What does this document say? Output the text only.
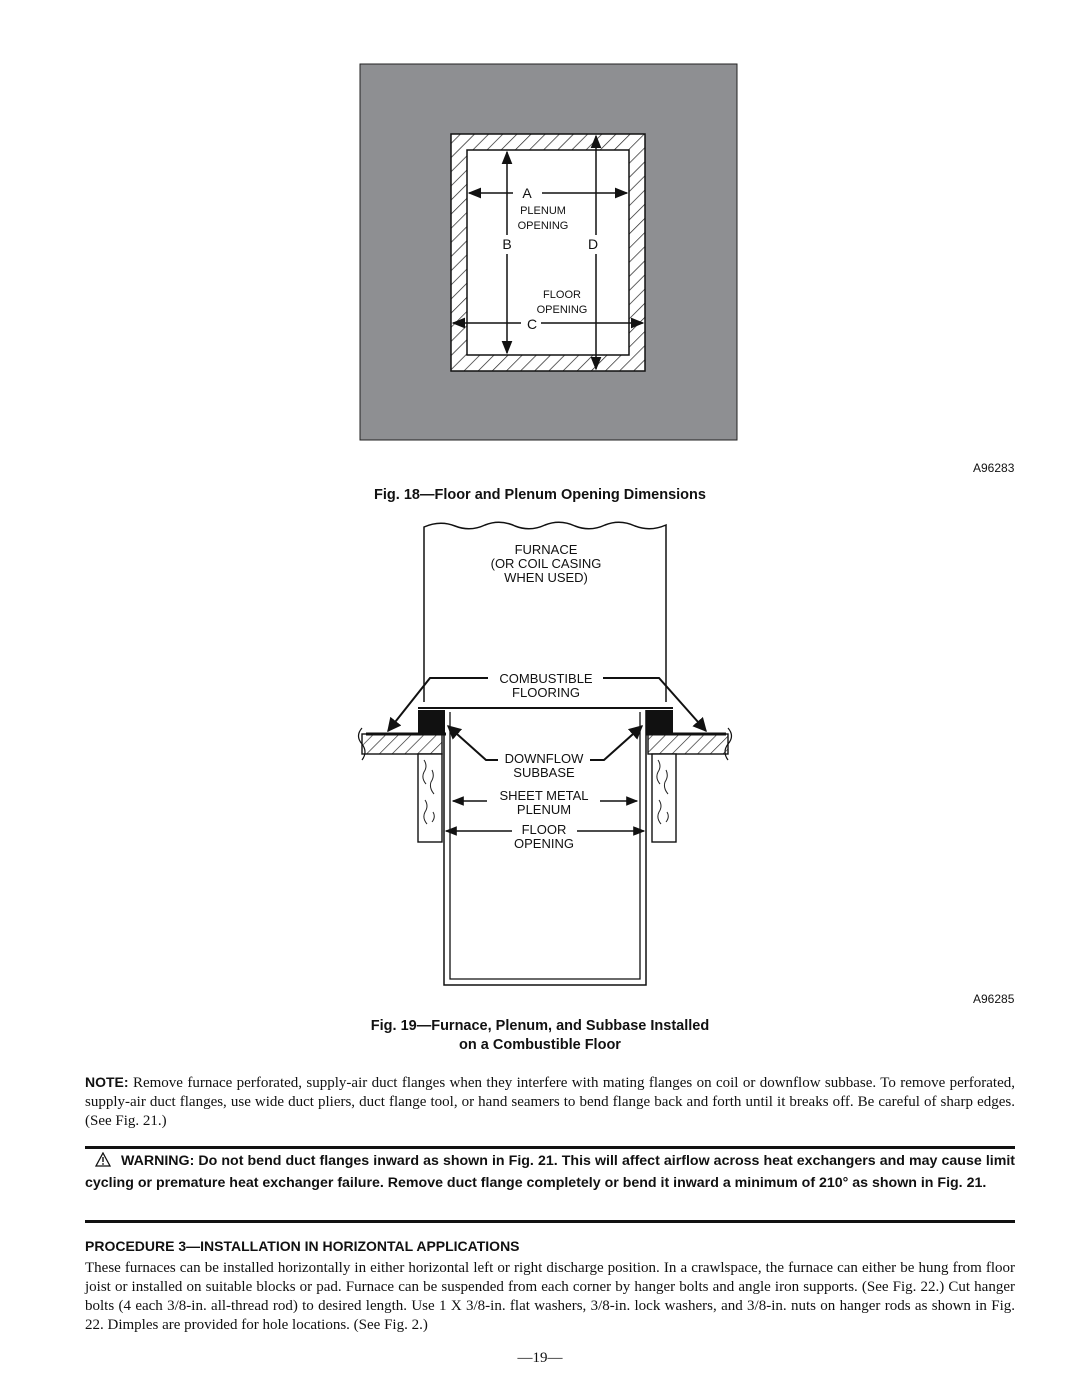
A
PLENUM
OPENING
B	D
FLOOR
OPENING
C
A96283
Fig. 18—Floor and Plenum Opening Dimensions
FURNACE
(OR COIL CASING
WHEN USED)
COMBUSTIBLE
FLOORING
DOWNFLOW
SUBBASE
SHEET METAL
PLENUM
FLOOR
OPENING
A96285
Fig. 19—Furnace, Plenum, and Subbase Installed
on a Combustible Floor
NOTE: Remove furnace perforated, supply-air duct flanges when they interfere with mating flanges on coil or downflow subbase. To remove perforated, supply-air duct flanges, use wide duct pliers, duct flange tool, or hand seamers to bend flange back and forth until it breaks off. Be careful of sharp edges. (See Fig. 21.)
WARNING: Do not bend duct flanges inward as shown in Fig. 21. This will affect airflow across heat exchangers and may cause limit cycling or premature heat exchanger failure. Remove duct flange completely or bend it inward a minimum of 210° as shown in Fig. 21.
PROCEDURE 3—INSTALLATION IN HORIZONTAL APPLICATIONS
These furnaces can be installed horizontally in either horizontal left or right discharge position. In a crawlspace, the furnace can either be hung from floor joist or installed on suitable blocks or pad. Furnace can be suspended from each corner by hanger bolts and angle iron supports. (See Fig. 22.) Cut hanger bolts (4 each 3/8-in. all-thread rod) to desired length. Use 1 X 3/8-in. flat washers, 3/8-in. lock washers, and 3/8-in. nuts on hanger rods as shown in Fig. 22. Dimples are provided for hole locations. (See Fig. 2.)
—19—
